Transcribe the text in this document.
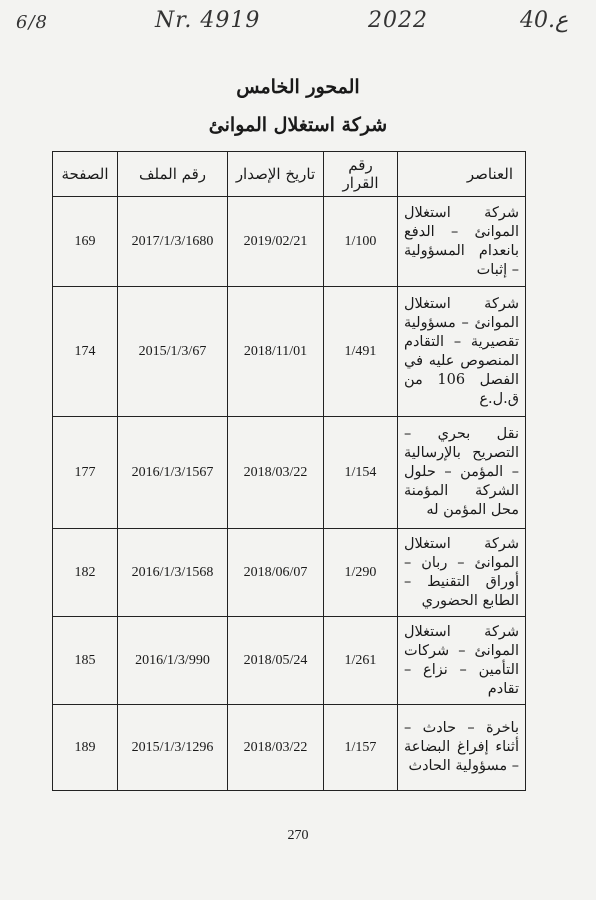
6/8	Nr. 4919	2022	40.ع
المحور الخامس
شركة استغلال الموانئ
العناصر	رقم القرار	تاريخ الإصدار	رقم الملف	الصفحة
شركة استغلال الموانئ – الدفع بانعدام المسؤولية – إثبات	1/100	2019/02/21	2017/1/3/1680	169
شركة استغلال الموانئ – مسؤولية تقصيرية – التقادم المنصوص عليه في الفصل 106 من ق.ل.ع	1/491	2018/11/01	2015/1/3/67	174
نقل بحري – التصريح بالإرسالية – المؤمن – حلول الشركة المؤمنة محل المؤمن له	1/154	2018/03/22	2016/1/3/1567	177
شركة استغلال الموانئ – ربان – أوراق التقنيط – الطابع الحضوري	1/290	2018/06/07	2016/1/3/1568	182
شركة استغلال الموانئ – شركات التأمين – نزاع – تقادم	1/261	2018/05/24	2016/1/3/990	185
باخرة – حادث – أثناء إفراغ البضاعة – مسؤولية الحادث	1/157	2018/03/22	2015/1/3/1296	189
270
